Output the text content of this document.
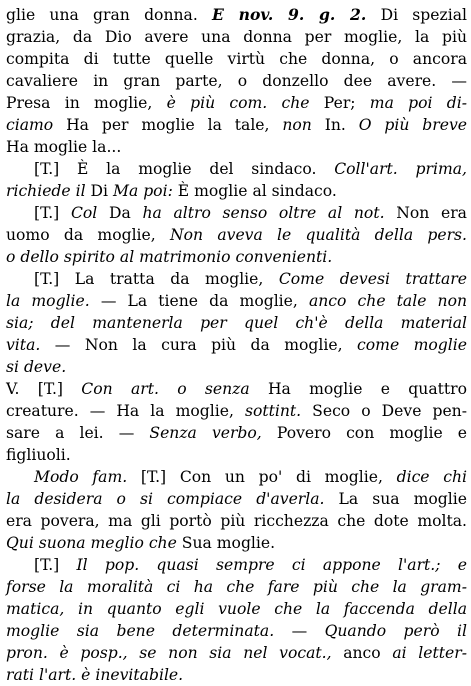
glie una gran donna. E nov. 9. g. 2. Di spezial
grazia, da Dio avere una donna per moglie, la più
compita di tutte quelle virtù che donna, o ancora
cavaliere in gran parte, o donzello dee avere. —
Presa in moglie, è più com. che Per; ma poi di-
ciamo Ha per moglie la tale, non In. O più breve
Ha moglie la...
[T.] È la moglie del sindaco. Coll'art. prima,
richiede il Di Ma poi: È moglie al sindaco.
[T.] Col Da ha altro senso oltre al not. Non era
uomo da moglie, Non aveva le qualità della pers.
o dello spirito al matrimonio convenienti.
[T.] La tratta da moglie, Come devesi trattare
la moglie. — La tiene da moglie, anco che tale non
sia; del mantenerla per quel ch'è della material
vita. — Non la cura più da moglie, come moglie
si deve.
V. [T.] Con art. o senza Ha moglie e quattro
creature. — Ha la moglie, sottint. Seco o Deve pen-
sare a lei. — Senza verbo, Povero con moglie e
figliuoli.
Modo fam. [T.] Con un po' di moglie, dice chi
la desidera o si compiace d'averla. La sua moglie
era povera, ma gli portò più ricchezza che dote molta.
Qui suona meglio che Sua moglie.
[T.] Il pop. quasi sempre ci appone l'art.; e
forse la moralità ci ha che fare più che la gram-
matica, in quanto egli vuole che la faccenda della
moglie sia bene determinata. — Quando però il
pron. è posp., se non sia nel vocat., anco ai letter-
rati l'art. è inevitabile.
